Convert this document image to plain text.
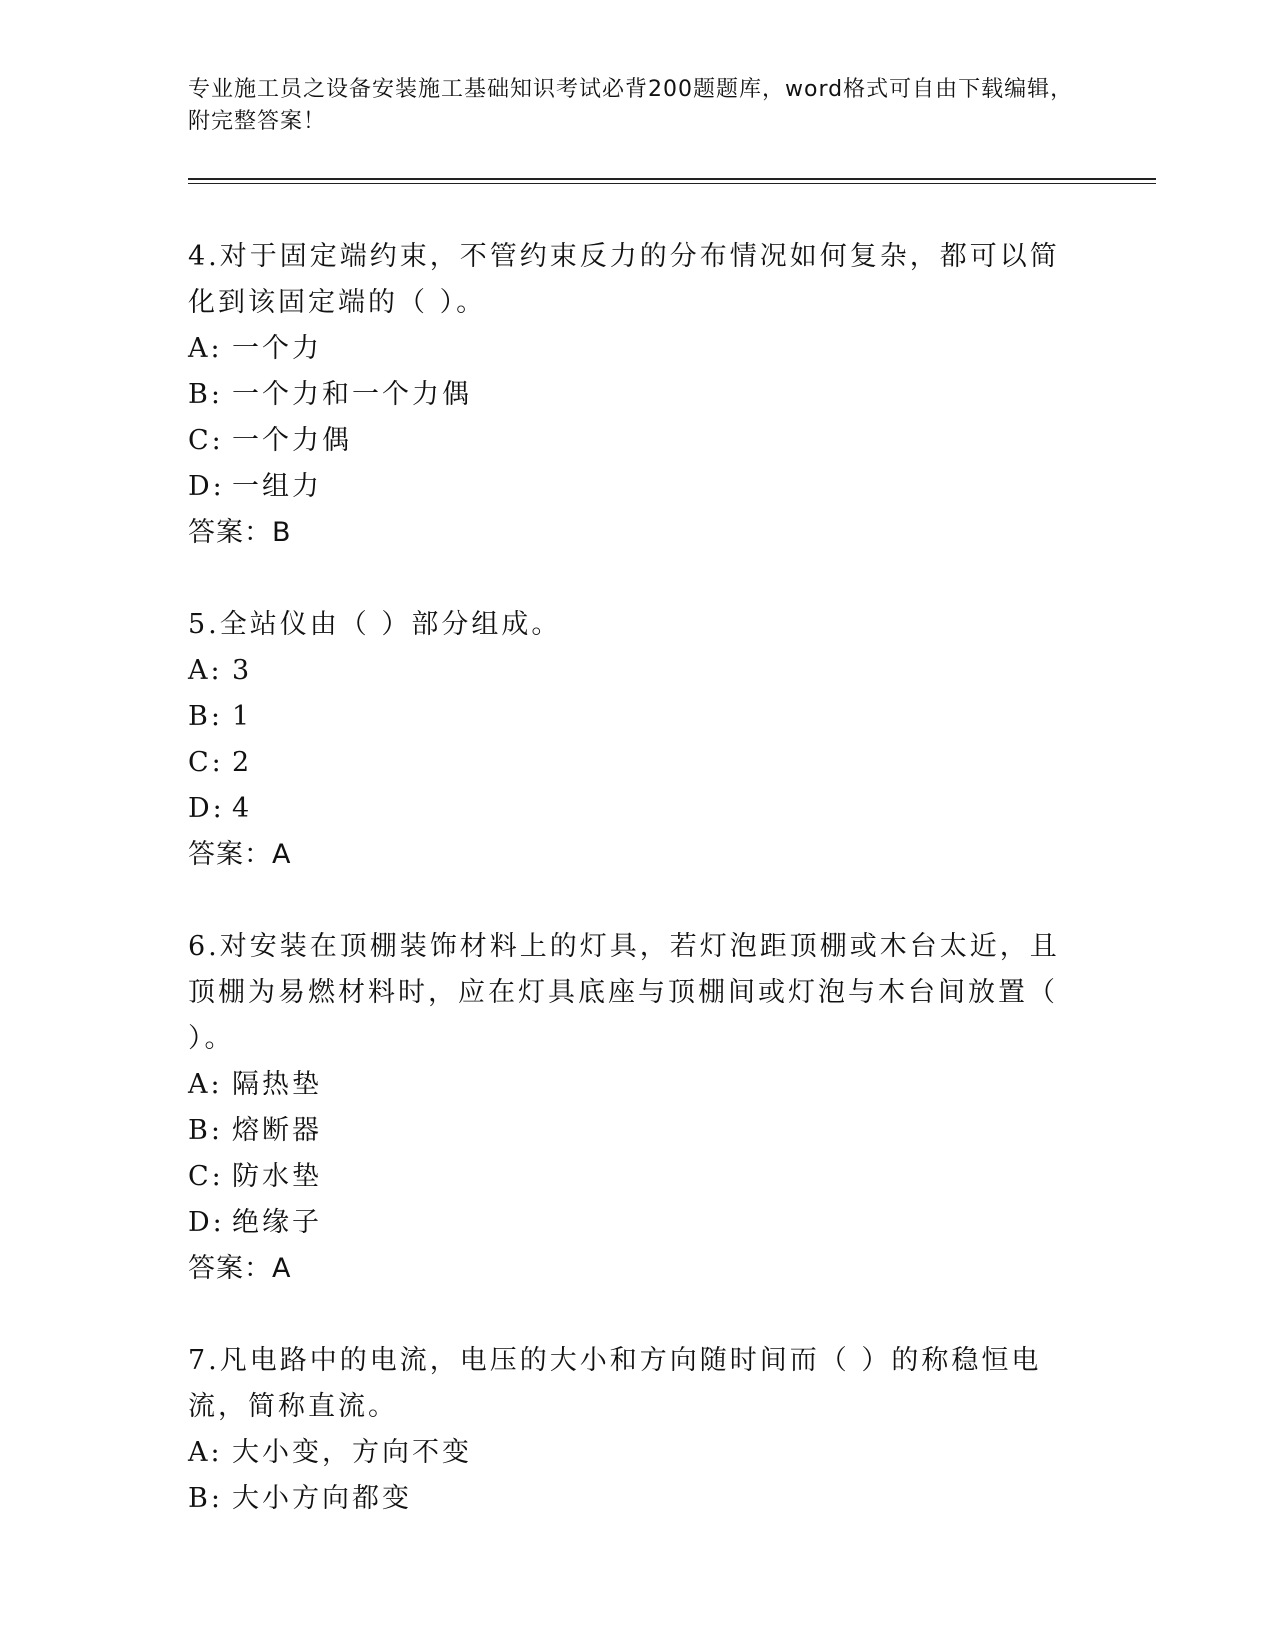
专业施工员之设备安装施工基础知识考试必背200题题库，word格式可自由下载编辑，附完整答案！
4.对于固定端约束，不管约束反力的分布情况如何复杂，都可以简化到该固定端的（ ）。
A: 一个力
B: 一个力和一个力偶
C: 一个力偶
D: 一组力
答案：B
5.全站仪由（ ）部分组成。
A: 3
B: 1
C: 2
D: 4
答案：A
6.对安装在顶棚装饰材料上的灯具，若灯泡距顶棚或木台太近，且顶棚为易燃材料时，应在灯具底座与顶棚间或灯泡与木台间放置（ ）。
A: 隔热垫
B: 熔断器
C: 防水垫
D: 绝缘子
答案：A
7.凡电路中的电流，电压的大小和方向随时间而（ ）的称稳恒电流，简称直流。
A: 大小变，方向不变
B: 大小方向都变
